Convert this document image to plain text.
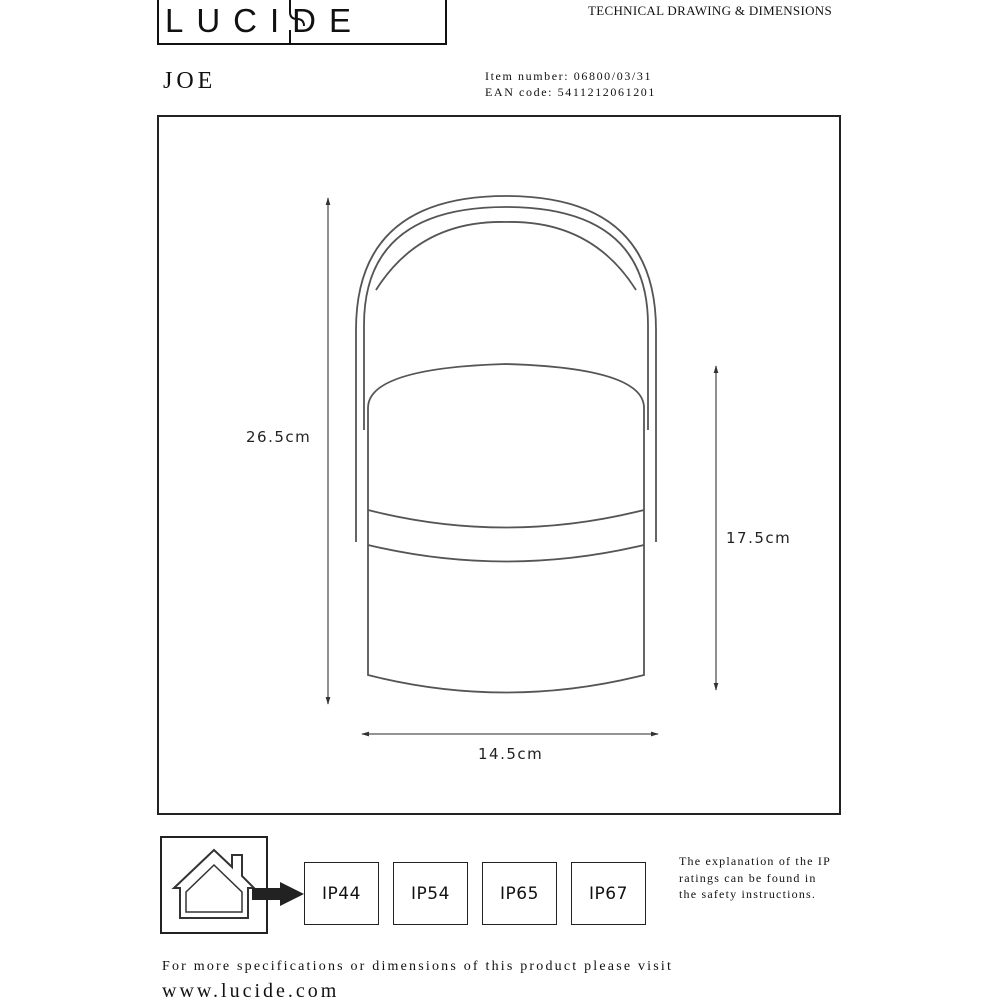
LUCIDE	TECHNICAL DRAWING & DIMENSIONS
JOE	Item number: 06800/03/31
EAN code: 5411212061201
26.5cm
17.5cm
14.5cm
IP44	IP54	IP65	IP67
The explanation of the IP ratings can be found in the safety instructions.
For more specifications or dimensions of this product please visit
www.lucide.com
